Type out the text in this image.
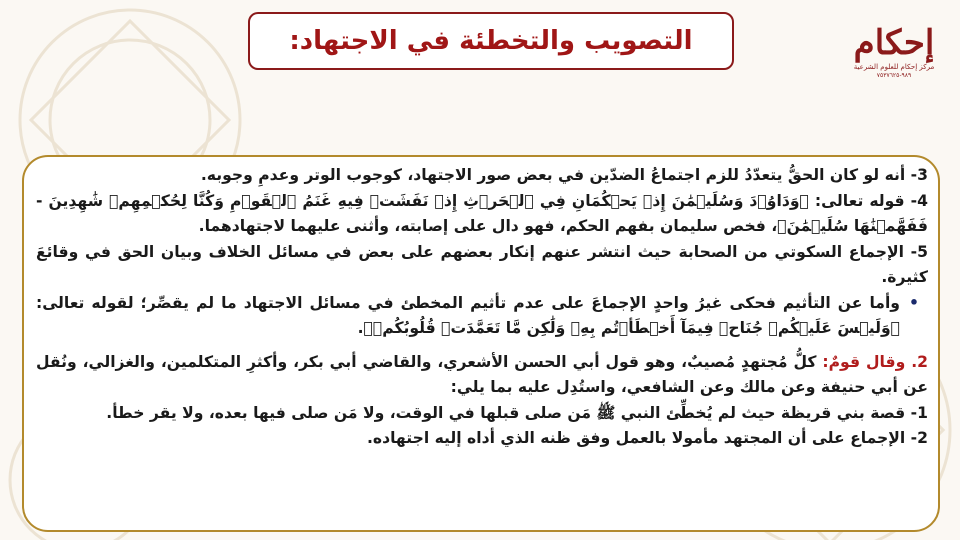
التصويب والتخطئة في الاجتهاد:	إحكام
مركز إحكام للعلوم الشرعية
٩٨٩-٧٥٣٧٦٢٥

3- أنه لو كان الحقُّ يتعدّدُ للزم اجتماعُ الضدّين في بعض صور الاجتهاد، كوجوب الوتر وعدمِ وجوبه.

4- قوله تعالى: ﴿وَدَاوُۥدَ وَسُلَيۡمَٰنَ إِذۡ يَحۡكُمَانِ فِي ٱلۡحَرۡثِ إِذۡ نَفَشَتۡ فِيهِ غَنَمُ ٱلۡقَوۡمِ وَكُنَّا لِحُكۡمِهِمۡ شَٰهِدِينَ - فَفَهَّمۡنَٰهَا سُلَيۡمَٰنَ﴾، فخص سليمان بفهم الحكم، فهو دال على إصابته، وأثنى عليهما لاجتهادهما.

5- الإجماع السكوتي من الصحابة حيث انتشر عنهم إنكار بعضهم على بعض في مسائل الخلاف وبيان الحق في وقائعَ كثيرة.

•
وأما عن التأثيم فحكى غيرُ واحدٍ الإجماعَ على عدم تأثيم المخطئ في مسائل الاجتهاد ما لم يقصِّر؛ لقوله تعالى: ﴿وَلَيۡسَ عَلَيۡكُمۡ جُنَاحٞ فِيمَآ أَخۡطَأۡتُم بِهِۦ وَلَٰكِن مَّا تَعَمَّدَتۡ قُلُوبُكُمۡ﴾.

2. وقال قومٌ: كلُّ مُجتهدٍ مُصيبٌ، وهو قول أبي الحسن الأشعري، والقاضي أبي بكر، وأكثرِ المتكلمين، والغزالي، ونُقل عن أبي حنيفة وعن مالك وعن الشافعي، واستُدِل عليه بما يلي:

1- قصة بني قريظة حيث لم يُخطِّئ النبي ﷺ مَن صلى قبلها في الوقت، ولا مَن صلى فيها بعده، ولا يقر خطأ.

2- الإجماع على أن المجتهد مأمولا بالعمل وفق ظنه الذي أداه إليه اجتهاده.
